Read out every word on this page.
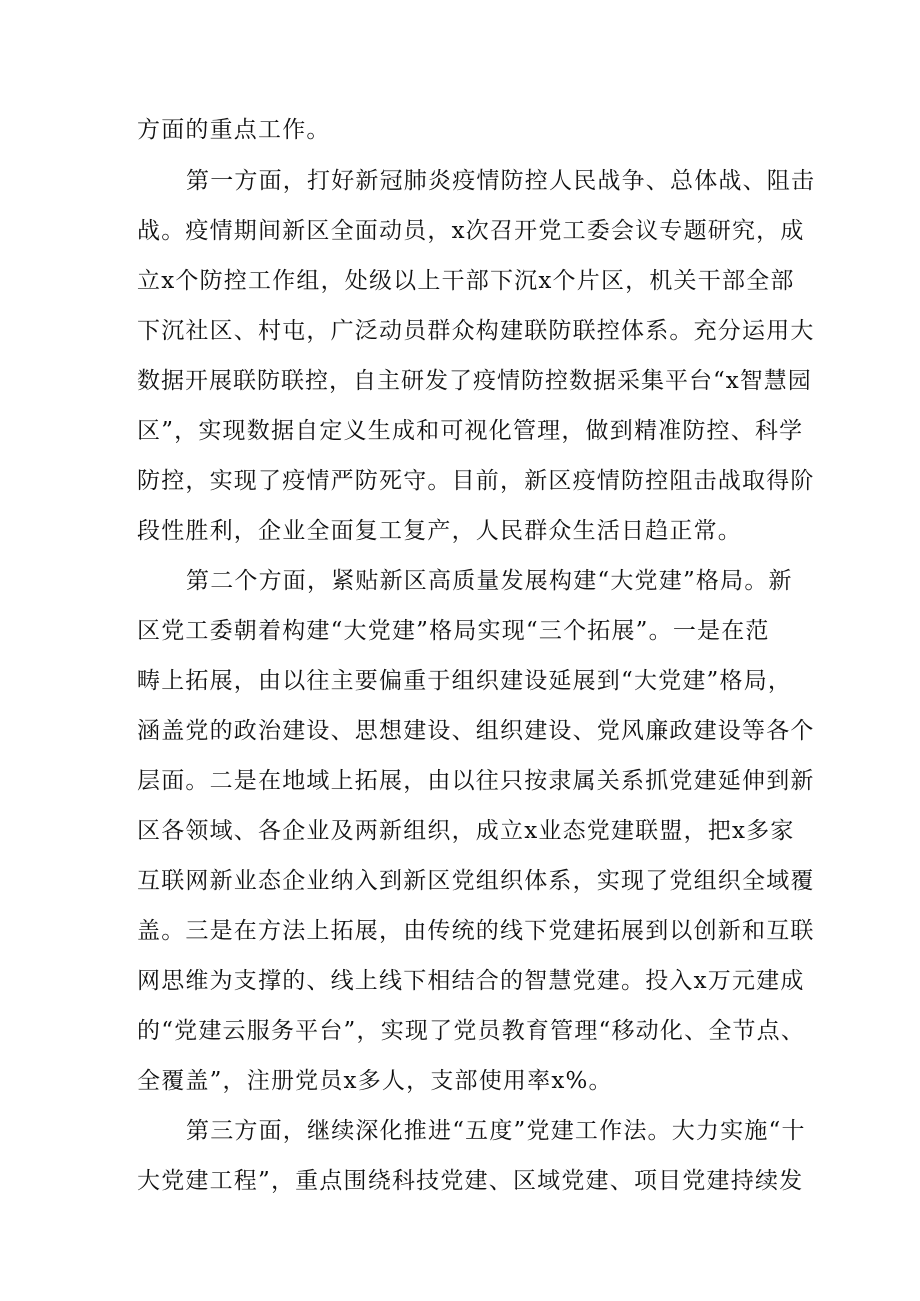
方面的重点工作。
第一方面，打好新冠肺炎疫情防控人民战争、总体战、阻击
战。疫情期间新区全面动员，x次召开党工委会议专题研究，成
立x个防控工作组，处级以上干部下沉x个片区，机关干部全部
下沉社区、村屯，广泛动员群众构建联防联控体系。充分运用大
数据开展联防联控，自主研发了疫情防控数据采集平台“x智慧园
区”，实现数据自定义生成和可视化管理，做到精准防控、科学
防控，实现了疫情严防死守。目前，新区疫情防控阻击战取得阶
段性胜利，企业全面复工复产，人民群众生活日趋正常。
第二个方面，紧贴新区高质量发展构建“大党建”格局。新
区党工委朝着构建“大党建”格局实现“三个拓展”。一是在范
畴上拓展，由以往主要偏重于组织建设延展到“大党建”格局，
涵盖党的政治建设、思想建设、组织建设、党风廉政建设等各个
层面。二是在地域上拓展，由以往只按隶属关系抓党建延伸到新
区各领域、各企业及两新组织，成立x业态党建联盟，把x多家
互联网新业态企业纳入到新区党组织体系，实现了党组织全域覆
盖。三是在方法上拓展，由传统的线下党建拓展到以创新和互联
网思维为支撑的、线上线下相结合的智慧党建。投入x万元建成
的“党建云服务平台”，实现了党员教育管理“移动化、全节点、
全覆盖”，注册党员x多人，支部使用率x%。
第三方面，继续深化推进“五度”党建工作法。大力实施“十
大党建工程”，重点围绕科技党建、区域党建、项目党建持续发
